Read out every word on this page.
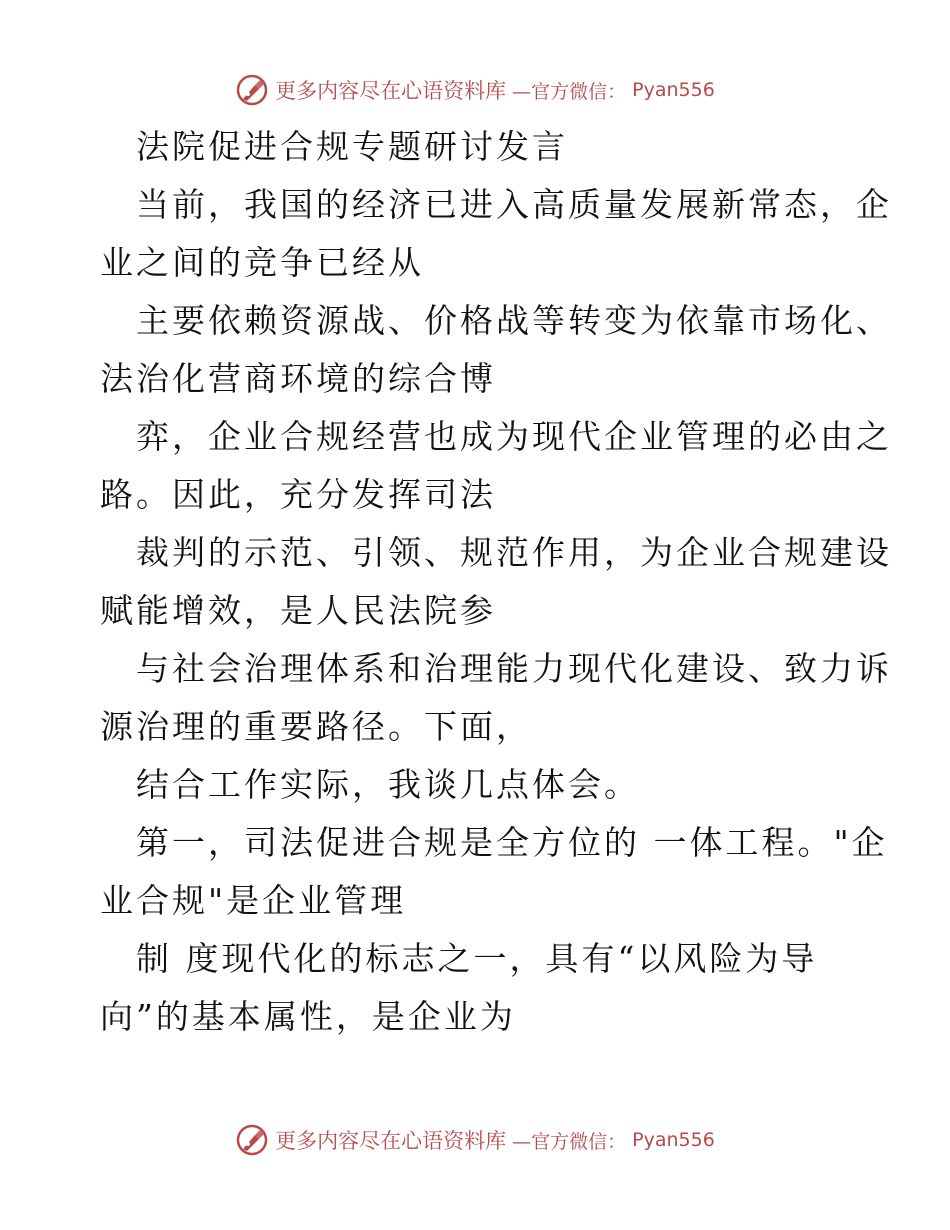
更多内容尽在心语资料库 —官方微信： Pyan556
法院促进合规专题研讨发言
当前，我国的经济已进入高质量发展新常态，企
业之间的竞争已经从
主要依赖资源战、价格战等转变为依靠市场化、
法治化营商环境的综合博
弈，企业合规经营也成为现代企业管理的必由之
路。因此，充分发挥司法
裁判的示范、引领、规范作用，为企业合规建设
赋能增效，是人民法院参
与社会治理体系和治理能力现代化建设、致力诉
源治理的重要路径。下面，
结合工作实际，我谈几点体会。
第一，司法促进合规是全方位的 一体工程。"企
业合规"是企业管理
制 度现代化的标志之一，具有“以风险为导
向”的基本属性，是企业为
更多内容尽在心语资料库 —官方微信： Pyan556
